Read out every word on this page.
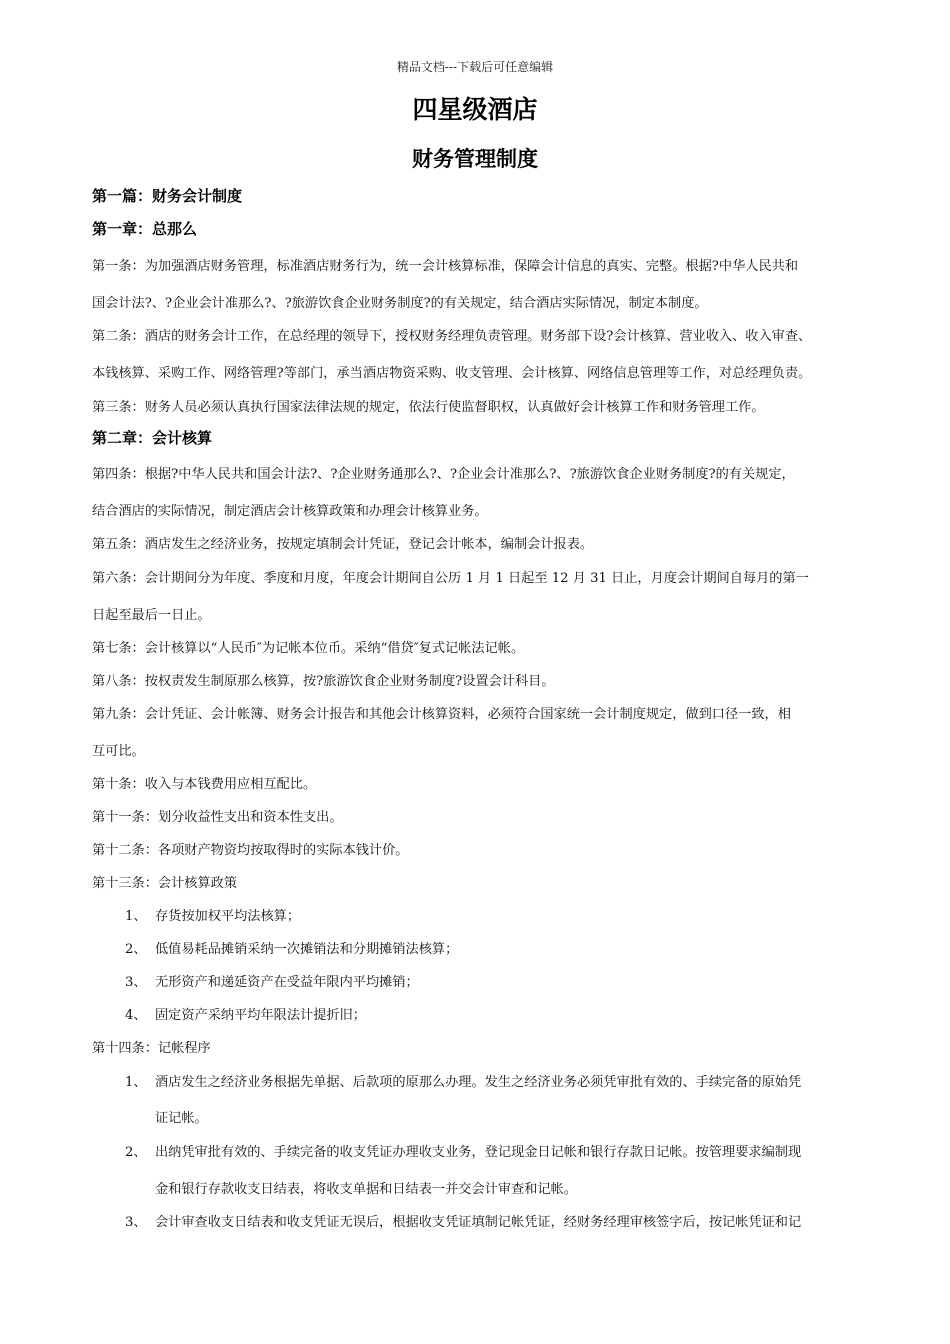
精品文档---下载后可任意编辑
四星级酒店
财务管理制度
第一篇：财务会计制度
第一章：总那么
第一条：为加强酒店财务管理，标准酒店财务行为，统一会计核算标准，保障会计信息的真实、完整。根据?中华人民共和
国会计法?、?企业会计准那么?、?旅游饮食企业财务制度?的有关规定，结合酒店实际情况，制定本制度。
第二条：酒店的财务会计工作，在总经理的领导下，授权财务经理负责管理。财务部下设?会计核算、营业收入、收入审查、
本钱核算、采购工作、网络管理?等部门，承当酒店物资采购、收支管理、会计核算、网络信息管理等工作，对总经理负责。
第三条：财务人员必须认真执行国家法律法规的规定，依法行使监督职权，认真做好会计核算工作和财务管理工作。
第二章：会计核算
第四条：根据?中华人民共和国会计法?、?企业财务通那么?、?企业会计准那么?、?旅游饮食企业财务制度?的有关规定，
结合酒店的实际情况，制定酒店会计核算政策和办理会计核算业务。
第五条：酒店发生之经济业务，按规定填制会计凭证，登记会计帐本，编制会计报表。
第六条：会计期间分为年度、季度和月度，年度会计期间自公历 1 月 1 日起至 12 月 31 日止，月度会计期间自每月的第一
日起至最后一日止。
第七条：会计核算以“人民币″为记帐本位币。采纳“借贷″复式记帐法记帐。
第八条：按权责发生制原那么核算，按?旅游饮食企业财务制度?设置会计科目。
第九条：会计凭证、会计帐簿、财务会计报告和其他会计核算资料，必须符合国家统一会计制度规定，做到口径一致，相
互可比。
第十条：收入与本钱费用应相互配比。
第十一条：划分收益性支出和资本性支出。
第十二条：各项财产物资均按取得时的实际本钱计价。
第十三条：会计核算政策
1、 存货按加权平均法核算；
2、 低值易耗品摊销采纳一次摊销法和分期摊销法核算；
3、 无形资产和递延资产在受益年限内平均摊销；
4、 固定资产采纳平均年限法计提折旧；
第十四条：记帐程序
1、 酒店发生之经济业务根据先单据、后款项的原那么办理。发生之经济业务必须凭审批有效的、手续完备的原始凭
证记帐。
2、 出纳凭审批有效的、手续完备的收支凭证办理收支业务，登记现金日记帐和银行存款日记帐。按管理要求编制现
金和银行存款收支日结表，将收支单据和日结表一并交会计审查和记帐。
3、 会计审查收支日结表和收支凭证无误后，根据收支凭证填制记帐凭证，经财务经理审核签字后，按记帐凭证和记
